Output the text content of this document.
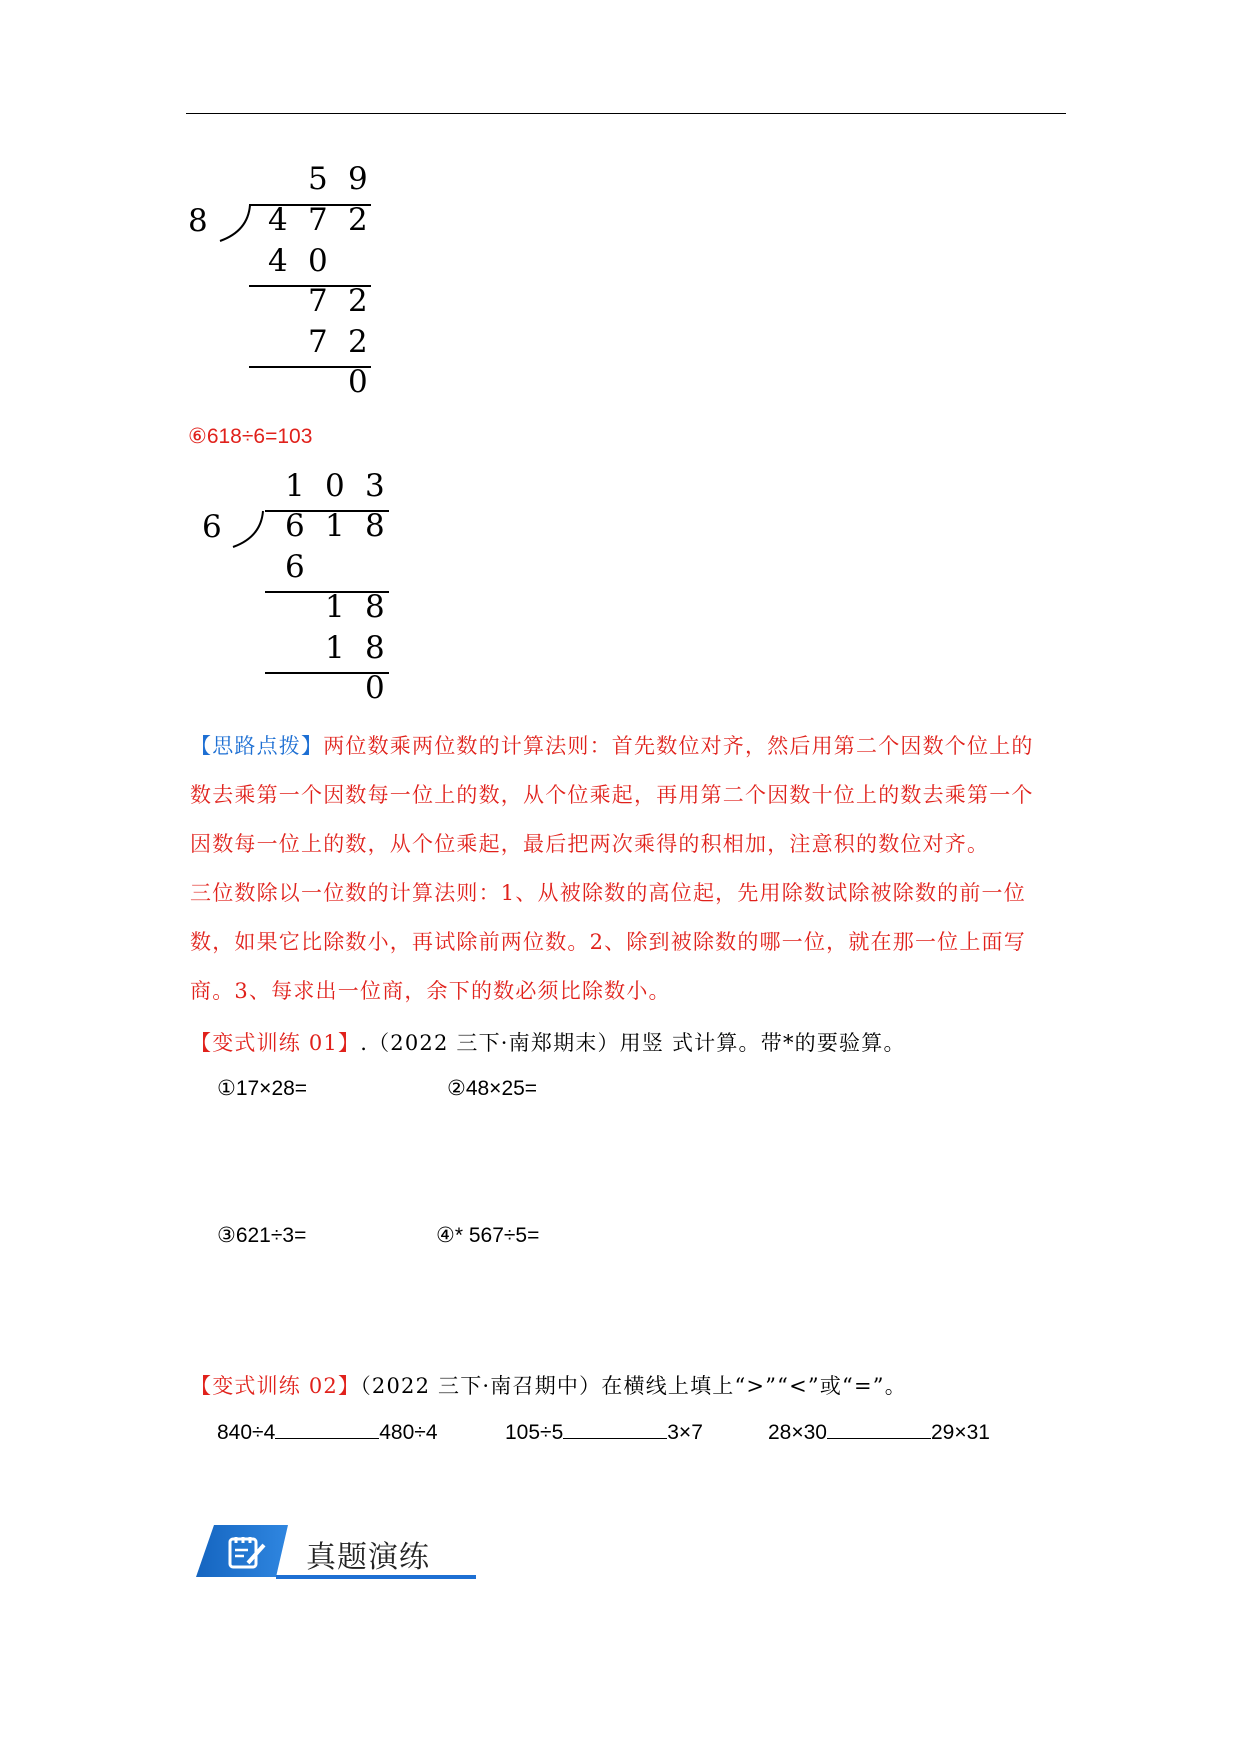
5 9
8 4 7 2
4 0
7 2
7 2
0
⑥618÷6=103
1 0 3
6 6 1 8
6
1 8
1 8
0
【思路点拨】两位数乘两位数的计算法则：首先数位对齐，然后用第二个因数个位上的
数去乘第一个因数每一位上的数，从个位乘起，再用第二个因数十位上的数去乘第一个
因数每一位上的数，从个位乘起，最后把两次乘得的积相加，注意积的数位对齐。
三位数除以一位数的计算法则：1、从被除数的高位起，先用除数试除被除数的前一位
数，如果它比除数小，再试除前两位数。2、除到被除数的哪一位，就在那一位上面写
商。3、每求出一位商，余下的数必须比除数小。
【变式训练 01】.（2022 三下·南郑期末）用竖 式计算。带*的要验算。
①17×28=	②48×25=
③621÷3=	④* 567÷5=
【变式训练 02】（2022 三下·南召期中）在横线上填上“>”“<”或“=”。
840÷4	480÷4	105÷5	3×7	28×30	29×31
真题演练
